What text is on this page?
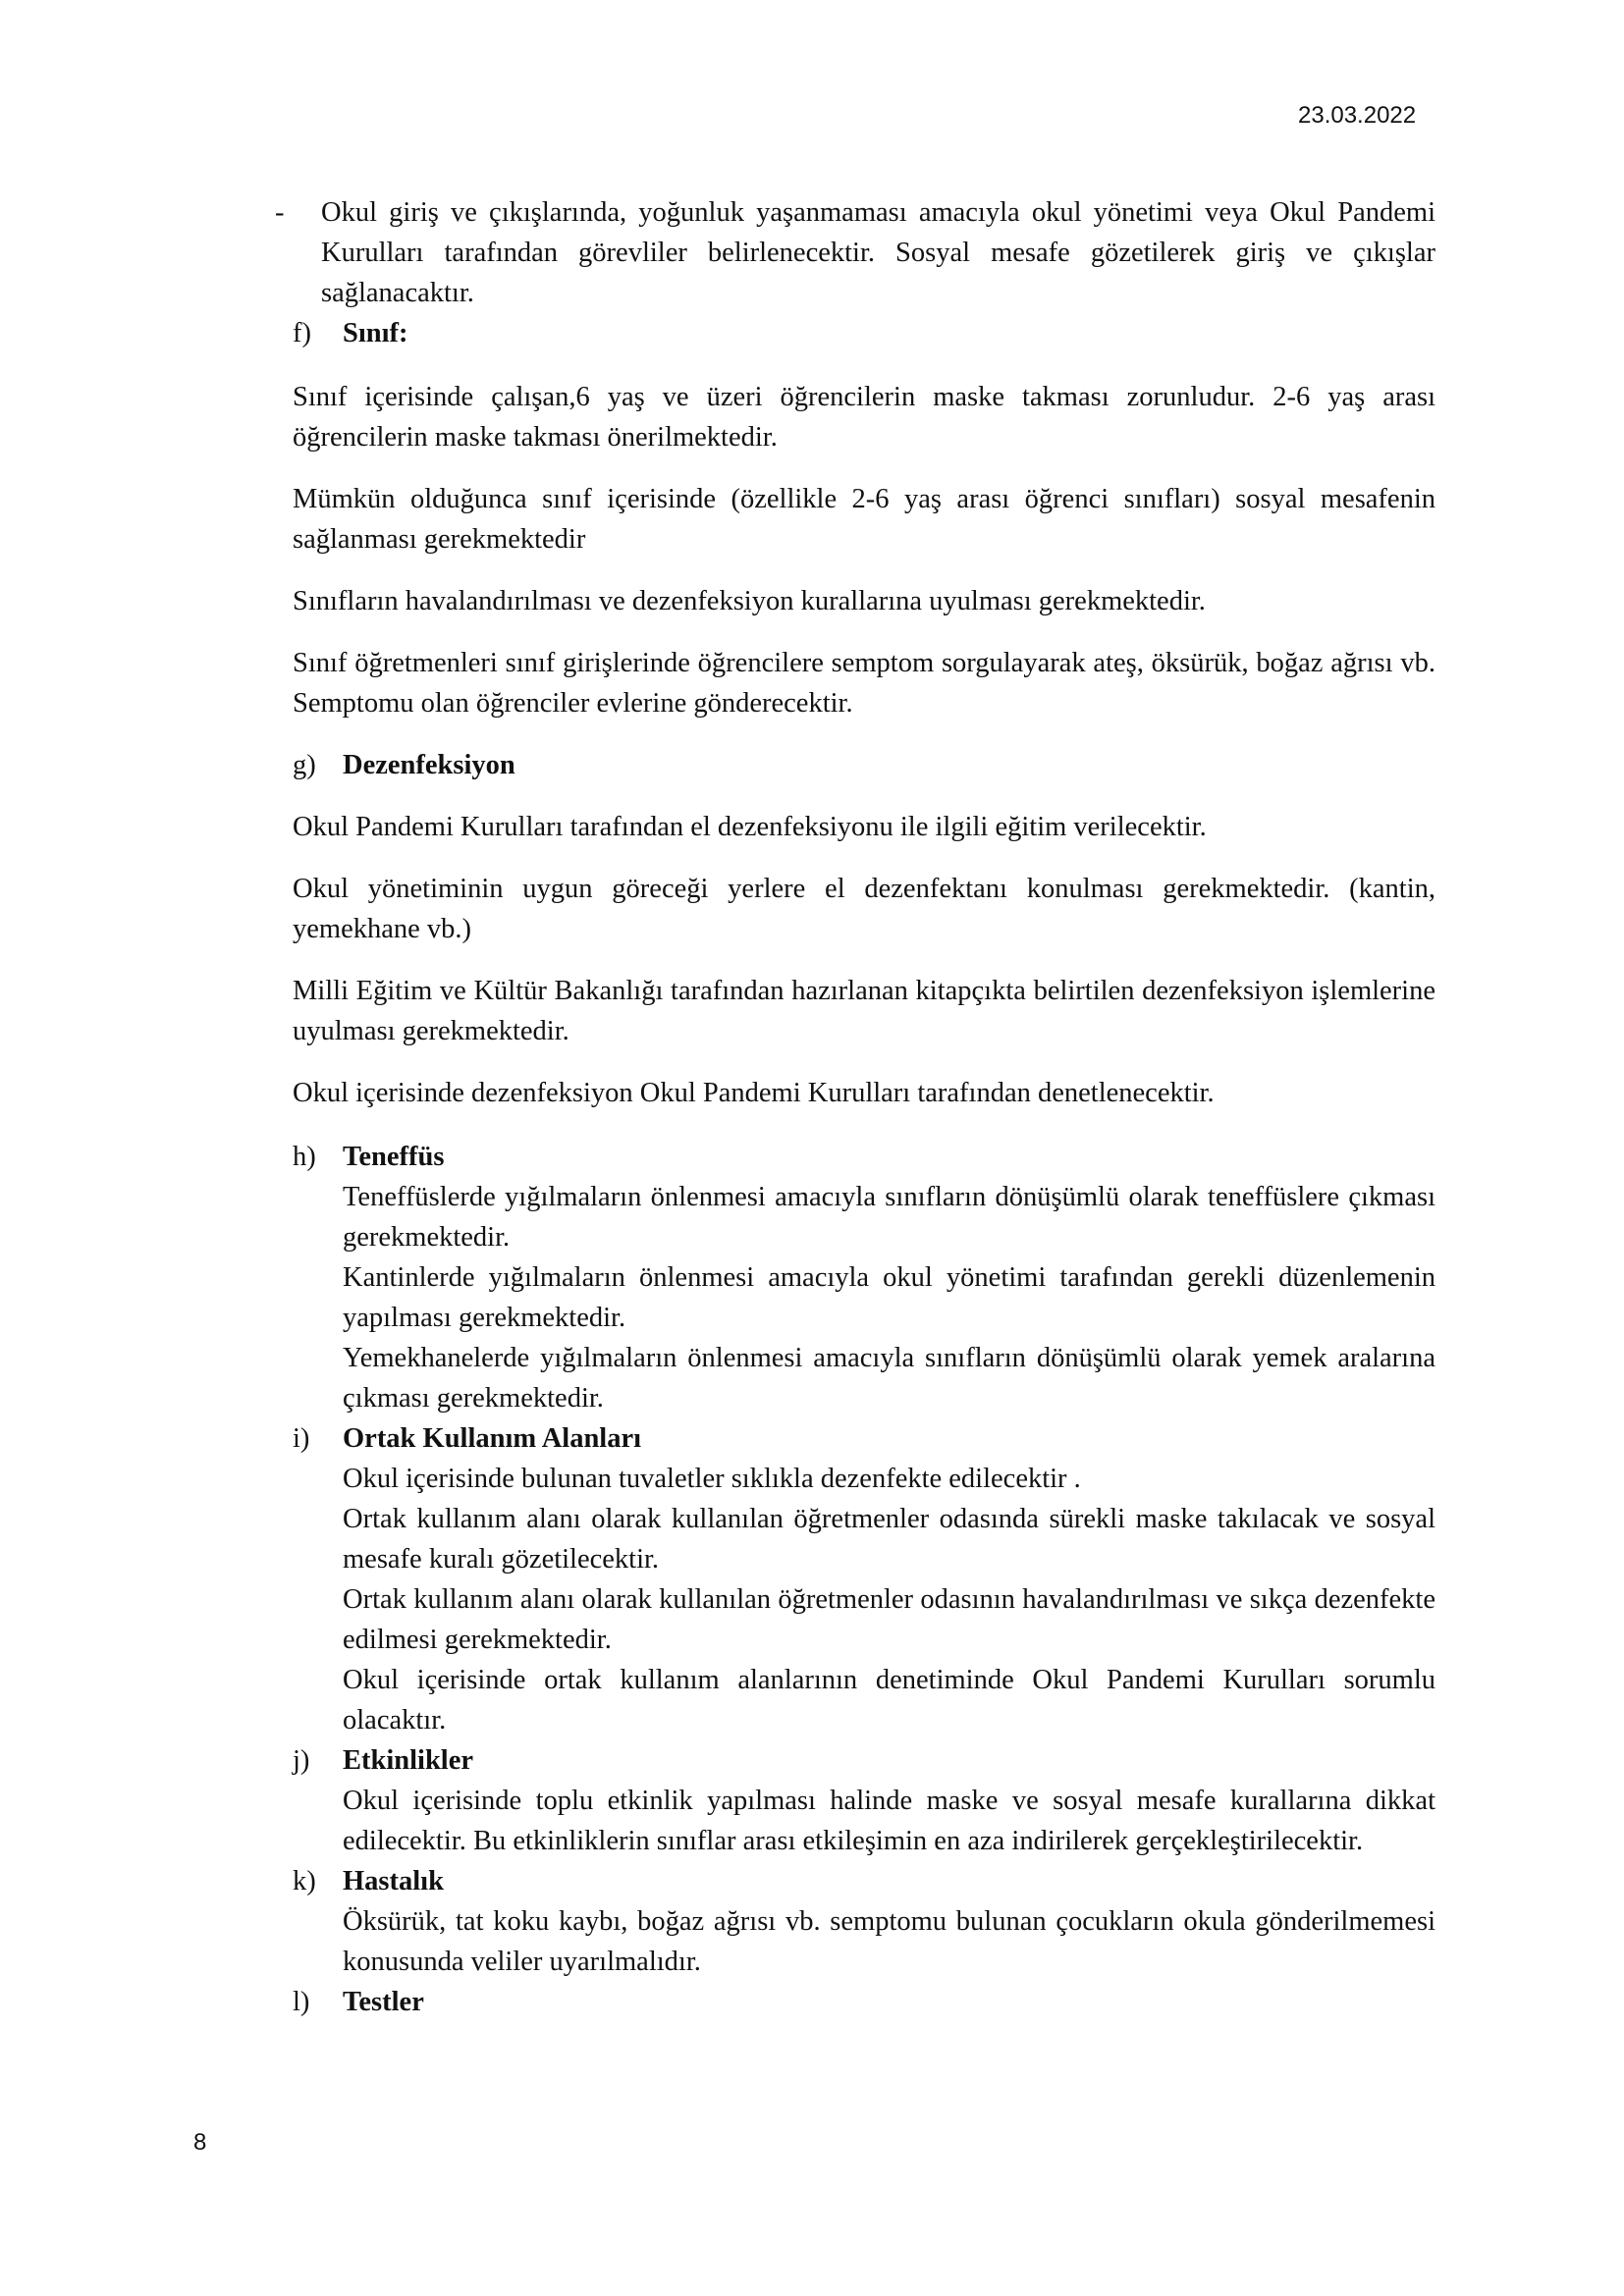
23.03.2022
- Okul giriş ve çıkışlarında, yoğunluk yaşanmaması amacıyla okul yönetimi veya Okul Pandemi Kurulları tarafından görevliler belirlenecektir. Sosyal mesafe gözetilerek giriş ve çıkışlar sağlanacaktır.

f) Sınıf:

Sınıf içerisinde çalışan,6 yaş ve üzeri öğrencilerin maske takması zorunludur. 2-6 yaş arası öğrencilerin maske takması önerilmektedir.

Mümkün olduğunca sınıf içerisinde (özellikle 2-6 yaş arası öğrenci sınıfları) sosyal mesafenin sağlanması gerekmektedir

Sınıfların havalandırılması ve dezenfeksiyon kurallarına uyulması gerekmektedir.

Sınıf öğretmenleri sınıf girişlerinde öğrencilere semptom sorgulayarak ateş, öksürük, boğaz ağrısı vb. Semptomu olan öğrenciler evlerine gönderecektir.

g) Dezenfeksiyon

Okul Pandemi Kurulları tarafından el dezenfeksiyonu ile ilgili eğitim verilecektir.

Okul yönetiminin uygun göreceği yerlere el dezenfektanı konulması gerekmektedir. (kantin, yemekhane vb.)

Milli Eğitim ve Kültür Bakanlığı tarafından hazırlanan kitapçıkta belirtilen dezenfeksiyon işlemlerine uyulması gerekmektedir.

Okul içerisinde dezenfeksiyon Okul Pandemi Kurulları tarafından denetlenecektir.

h) Teneffüs

Teneffüslerde yığılmaların önlenmesi amacıyla sınıfların dönüşümlü olarak teneffüslere çıkması gerekmektedir.

Kantinlerde yığılmaların önlenmesi amacıyla okul yönetimi tarafından gerekli düzenlemenin yapılması gerekmektedir.

Yemekhanelerde yığılmaların önlenmesi amacıyla sınıfların dönüşümlü olarak yemek aralarına çıkması gerekmektedir.

i) Ortak Kullanım Alanları

Okul içerisinde bulunan tuvaletler sıklıkla dezenfekte edilecektir .

Ortak kullanım alanı olarak kullanılan öğretmenler odasında sürekli maske takılacak ve sosyal mesafe kuralı gözetilecektir.

Ortak kullanım alanı olarak kullanılan öğretmenler odasının havalandırılması ve sıkça dezenfekte edilmesi gerekmektedir.

Okul içerisinde ortak kullanım alanlarının denetiminde Okul Pandemi Kurulları sorumlu olacaktır.

j) Etkinlikler

Okul içerisinde toplu etkinlik yapılması halinde maske ve sosyal mesafe kurallarına dikkat edilecektir. Bu etkinliklerin sınıflar arası etkileşimin en aza indirilerek gerçekleştirilecektir.

k) Hastalık

Öksürük, tat koku kaybı, boğaz ağrısı vb. semptomu bulunan çocukların okula gönderilmemesi konusunda veliler uyarılmalıdır.

l) Testler
8
